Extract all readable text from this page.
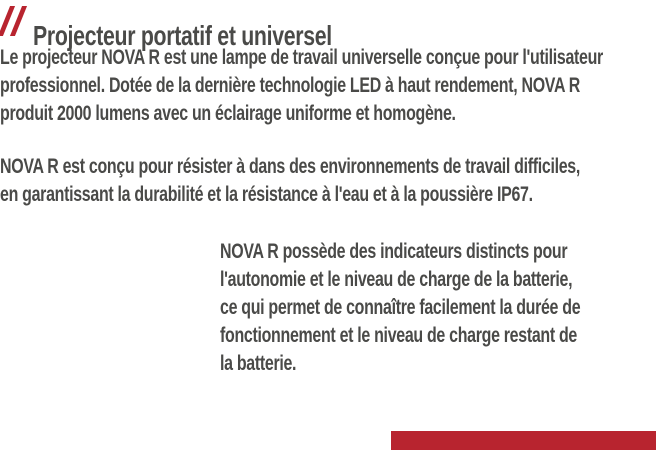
Projecteur portatif et universel
Le projecteur NOVA R est une lampe de travail universelle conçue pour l'utilisateur
professionnel. Dotée de la dernière technologie LED à haut rendement, NOVA R
produit 2000 lumens avec un éclairage uniforme et homogène.
NOVA R est conçu pour résister à dans des environnements de travail difficiles,
en garantissant la durabilité et la résistance à l'eau et à la poussière IP67.
NOVA R possède des indicateurs distincts pour
l'autonomie et le niveau de charge de la batterie,
ce qui permet de connaître facilement la durée de
fonctionnement et le niveau de charge restant de
la batterie.
